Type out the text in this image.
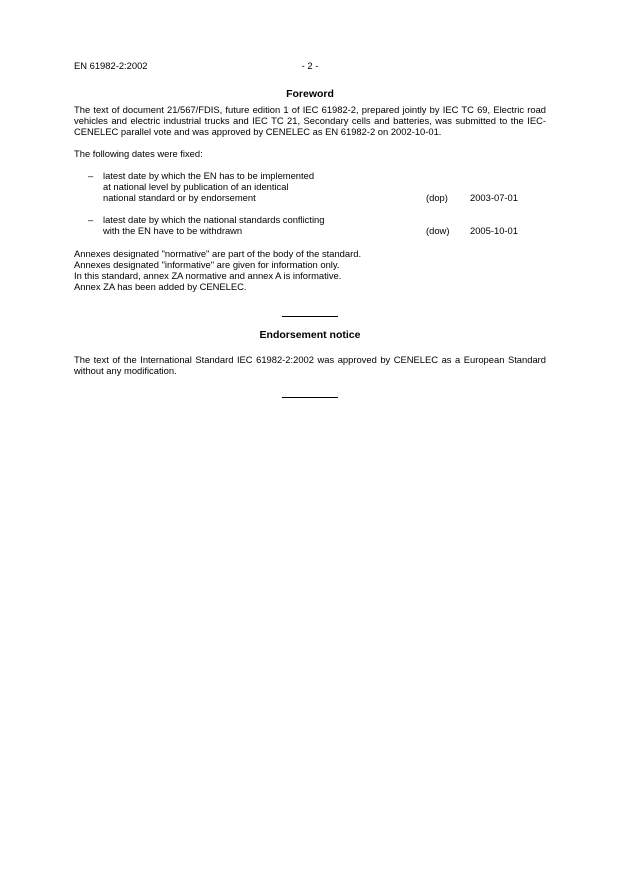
EN 61982-2:2002	- 2 -
Foreword

The text of document 21/567/FDIS, future edition 1 of IEC 61982-2, prepared jointly by IEC TC 69, Electric road vehicles and electric industrial trucks and IEC TC 21, Secondary cells and batteries, was submitted to the IEC-CENELEC parallel vote and was approved by CENELEC as EN 61982-2 on 2002-10-01.

The following dates were fixed:

– latest date by which the EN has to be implemented
at national level by publication of an identical
national standard or by endorsement	(dop) 2003-07-01
– latest date by which the national standards conflicting
with the EN have to be withdrawn	(dow) 2005-10-01
Annexes designated "normative" are part of the body of the standard.
Annexes designated "informative" are given for information only.
In this standard, annex ZA normative and annex A is informative.
Annex ZA has been added by CENELEC.
Endorsement notice

The text of the International Standard IEC 61982-2:2002 was approved by CENELEC as a European Standard without any modification.
